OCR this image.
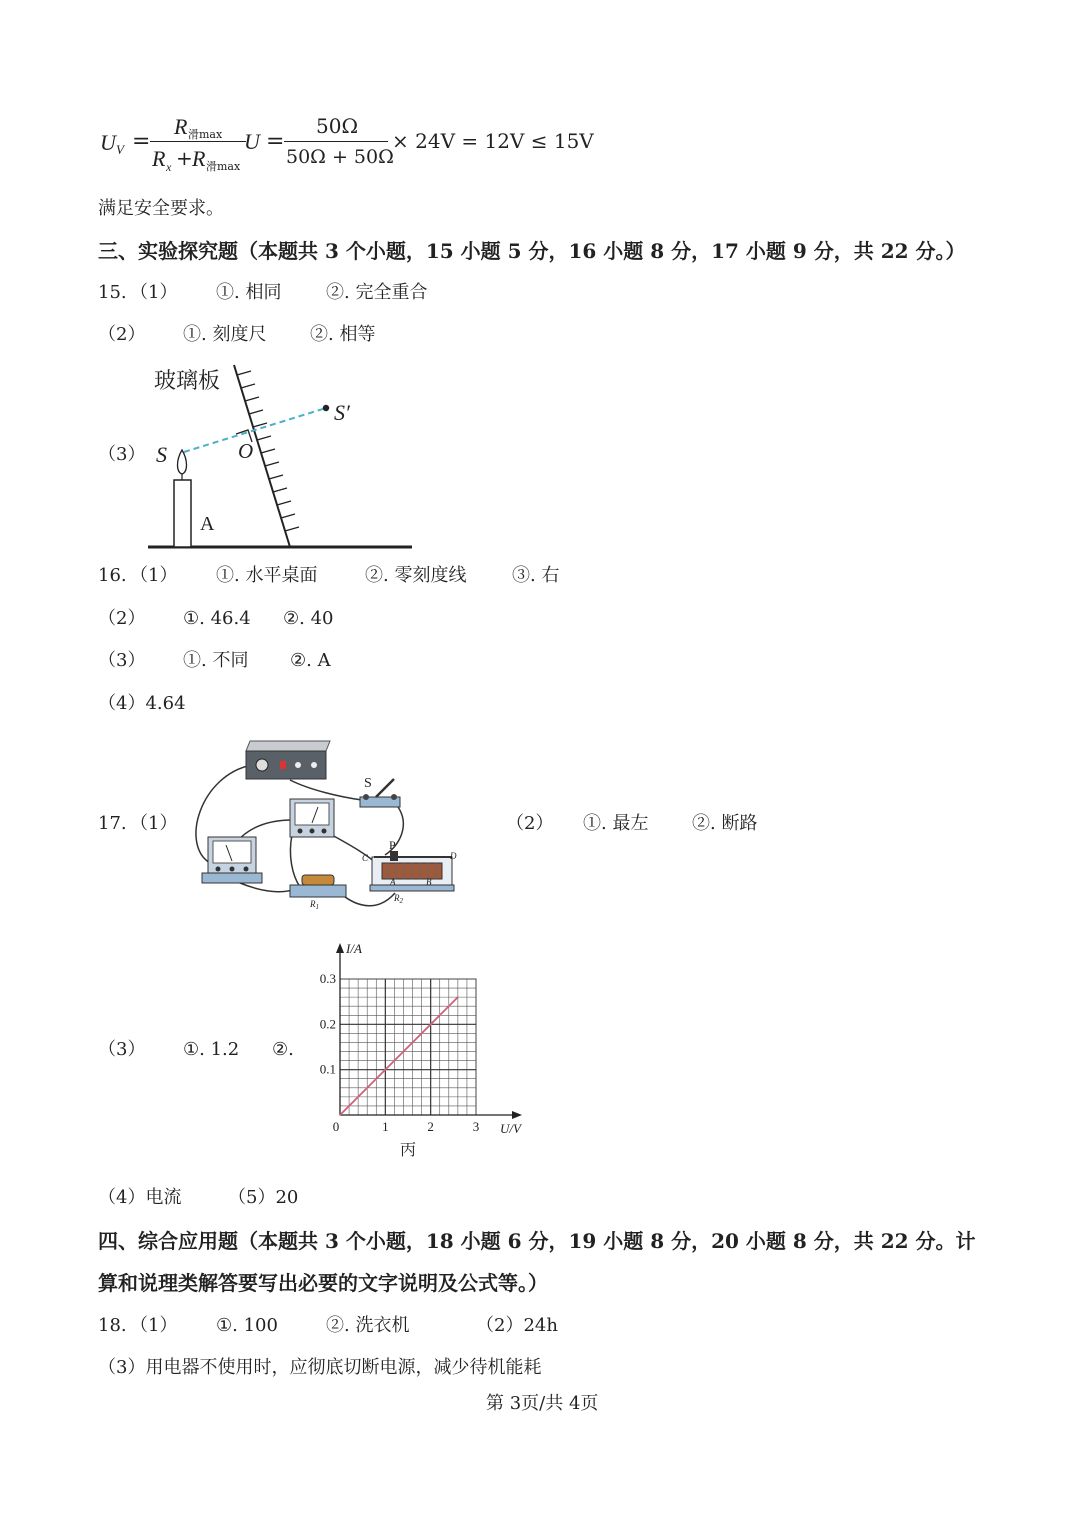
U V =
R 滑max
R x + R 滑max
U =
50Ω
50Ω + 50Ω
× 24V = 12V ≤ 15V
满足安全要求。
三、实验探究题（本题共 3 个小题，15 小题 5 分，16 小题 8 分，17 小题 9 分，共 22 分。）
15. （1） ①. 相同 ②. 完全重合
（2） ①. 刻度尺 ②. 相等
（3）
玻璃板
S
S′
O
A
16. （1） ①. 水平桌面	②. 零刻度线	③. 右
（2） ①. 46.4 ②. 40
（3） ①. 不同 ②. A
（4）4.64
17. （1）
S
P
C	D
A	B
$R_1$
$R_2$
（2） ①. 最左 ②. 断路
（3） ①. 1.2 ②.
0	1	2	3
0.1
0.2
0.3
U/V
I/A
丙
（4）电流	（5）20
四、综合应用题（本题共 3 个小题，18 小题 6 分，19 小题 8 分，20 小题 8 分，共 22 分。计
算和说理类解答要写出必要的文字说明及公式等。）
18. （1） ①. 100	②. 洗衣机	（2）24h
（3）用电器不使用时，应彻底切断电源，减少待机能耗
第 3页/共 4页
